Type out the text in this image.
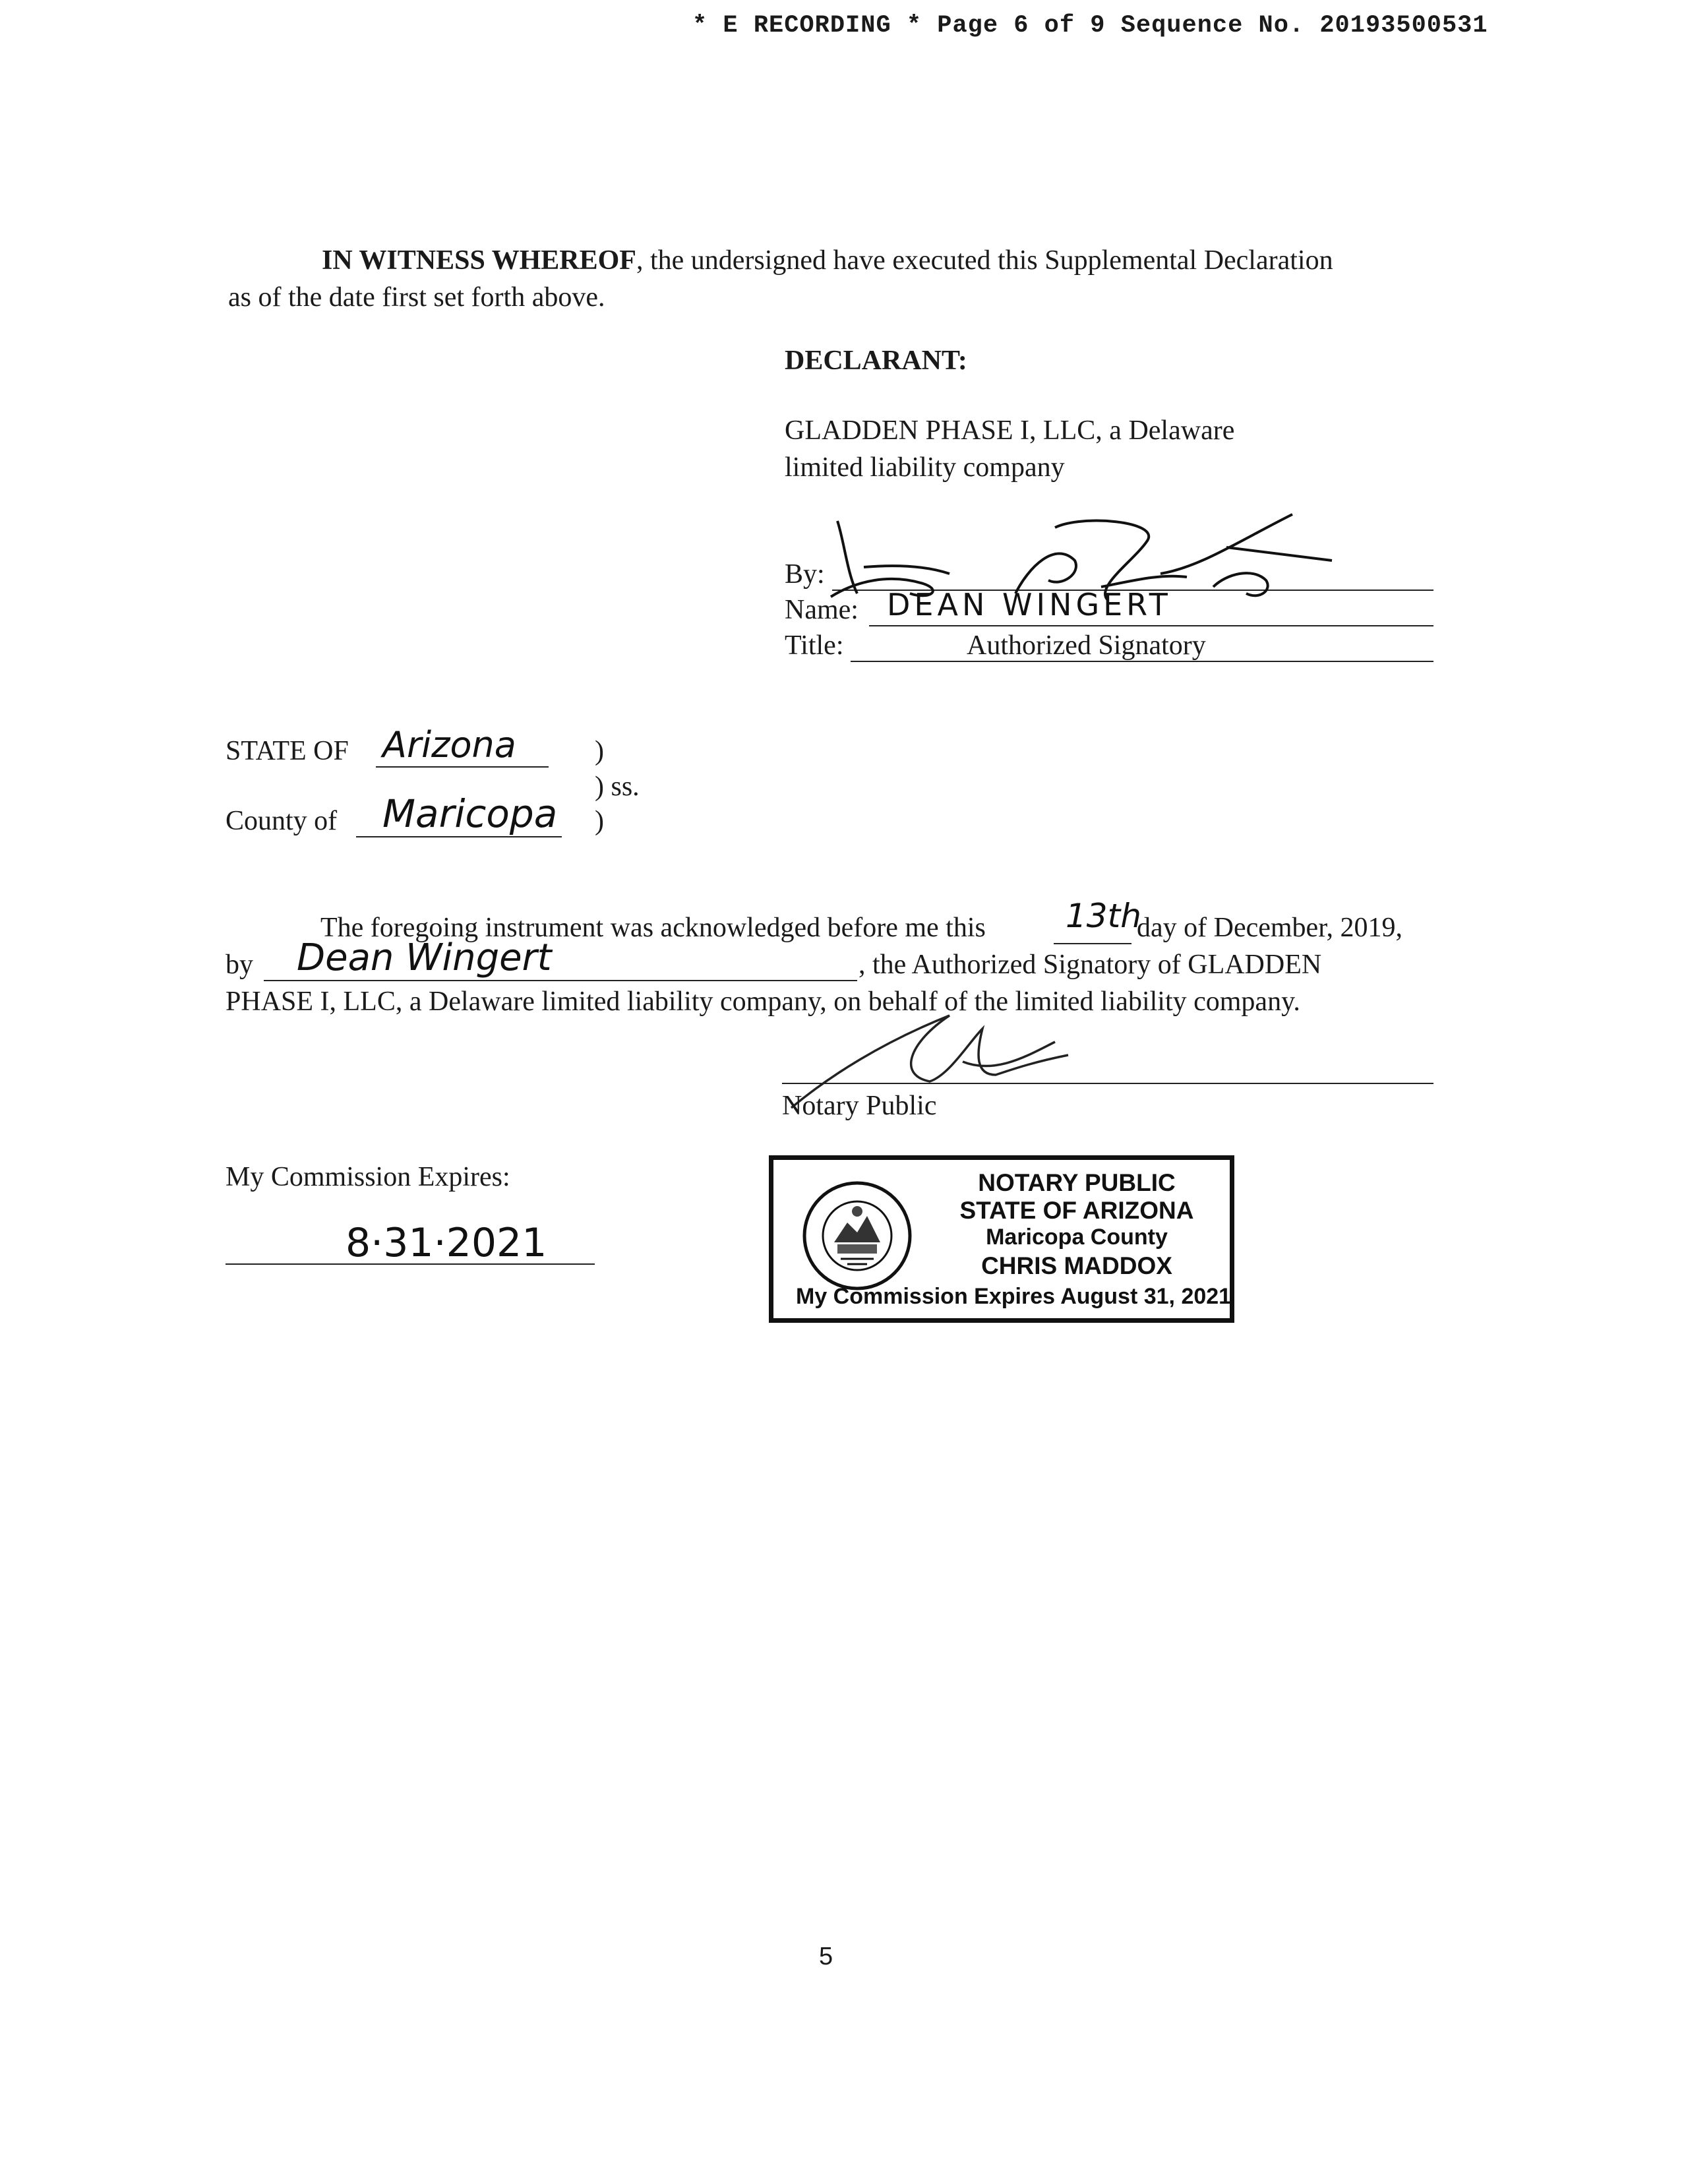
* E RECORDING * Page 6 of 9 Sequence No. 20193500531
IN WITNESS WHEREOF, the undersigned have executed this Supplemental Declaration
as of the date first set forth above.
DECLARANT:
GLADDEN PHASE I, LLC, a Delaware
limited liability company
By:
Name: DEAN WINGERT
Title:	Authorized Signatory
STATE OF Arizona	)
) ss.
County of Maricopa )
The foregoing instrument was acknowledged before me this 13th
day of December, 2019,
by Dean Wingert	, the Authorized Signatory of GLADDEN
PHASE I, LLC, a Delaware limited liability company, on behalf of the limited liability company.
Notary Public
My Commission Expires:
8·31·2021
NOTARY PUBLIC
STATE OF ARIZONA
Maricopa County
CHRIS MADDOX
My Commission Expires August 31, 2021
5
